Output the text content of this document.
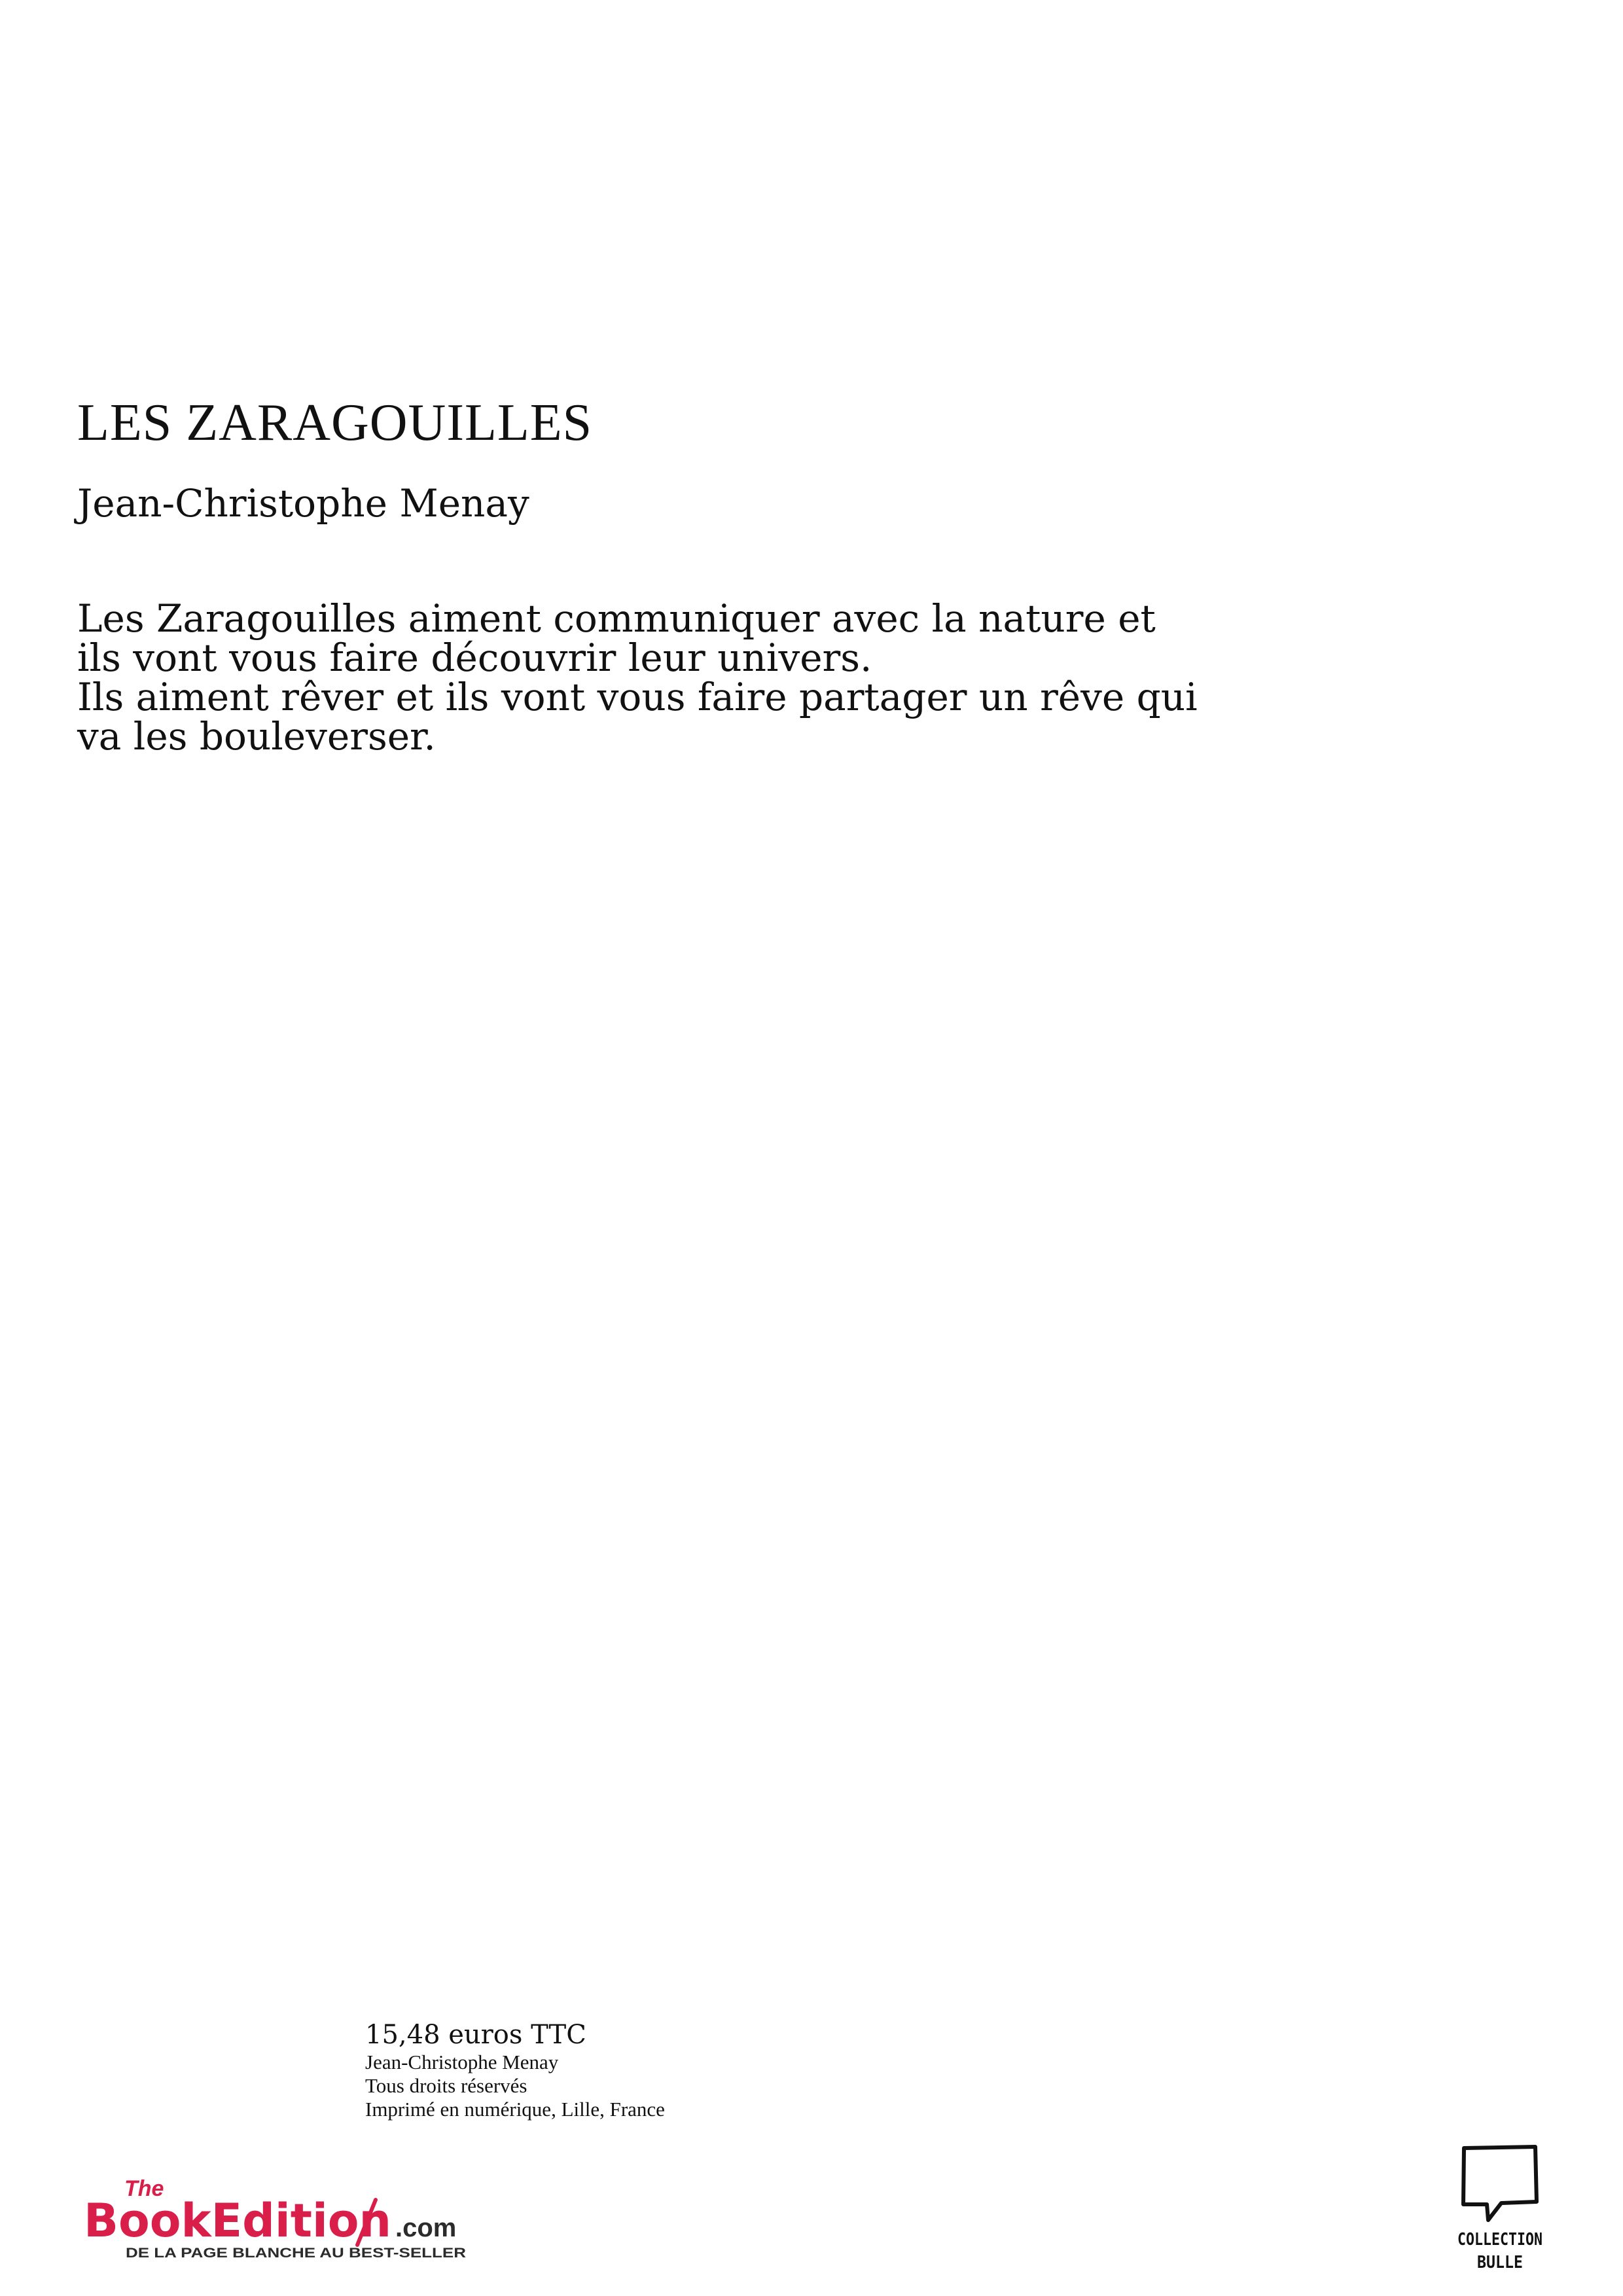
LES ZARAGOUILLES
Jean-Christophe Menay

Les Zaragouilles aiment communiquer avec la nature et

ils vont vous faire découvrir leur univers.

Ils aiment rêver et ils vont vous faire partager un rêve qui

va les bouleverser.

15,48 euros TTC
Jean-Christophe Menay
Tous droits réservés
Imprimé en numérique, Lille, France
The
BookEdition .com
DE LA PAGE BLANCHE AU BEST-SELLER
COLLECTION
BULLE
